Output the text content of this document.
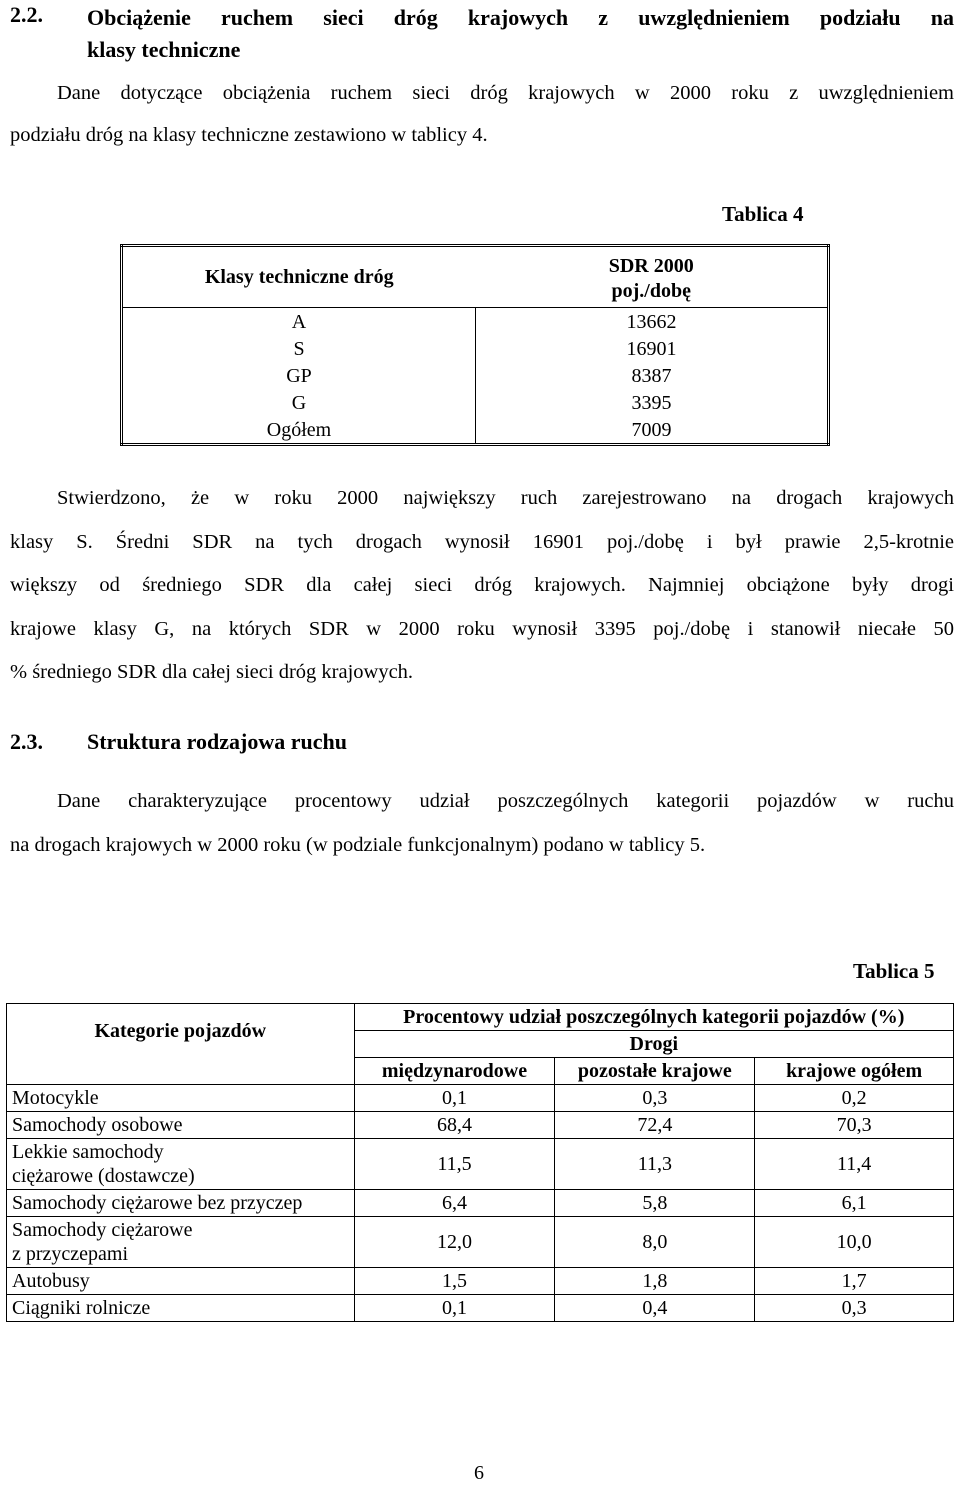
2.2. Obciążenie ruchem sieci dróg krajowych z uwzględnieniem podziału na
klasy techniczne

Dane dotyczące obciążenia ruchem sieci dróg krajowych w 2000 roku z uwzględnieniem

podziału dróg na klasy techniczne zestawiono w tablicy 4.

Tablica 4
Klasy techniczne dróg	SDR 2000
poj./dobę

A	13662
S	16901
GP	8387
G	3395
Ogółem	7009

Stwierdzono, że w roku 2000 największy ruch zarejestrowano na drogach krajowych

klasy S. Średni SDR na tych drogach wynosił 16901 poj./dobę i był prawie 2,5-krotnie

większy od średniego SDR dla całej sieci dróg krajowych. Najmniej obciążone były drogi

krajowe klasy G, na których SDR w 2000 roku wynosił 3395 poj./dobę i stanowił niecałe 50

% średniego SDR dla całej sieci dróg krajowych.

2.3. Struktura rodzajowa ruchu

Dane charakteryzujące procentowy udział poszczególnych kategorii pojazdów w ruchu

na drogach krajowych w 2000 roku (w podziale funkcjonalnym) podano w tablicy 5.

Tablica 5
Kategorie pojazdów	Procentowy udział poszczególnych kategorii pojazdów (%)		
	Drogi		
	międzynarodowe	pozostałe krajowe	krajowe ogółem
Motocykle	0,1	0,3	0,2
Samochody osobowe	68,4	72,4	70,3

Lekkie samochody
ciężarowe (dostawcze)	11,5	11,3	11,4
Samochody ciężarowe bez przyczep	6,4	5,8	6,1

Samochody ciężarowe
z przyczepami	12,0	8,0	10,0
Autobusy	1,5	1,8	1,7
Ciągniki rolnicze	0,1	0,4	0,3
6
